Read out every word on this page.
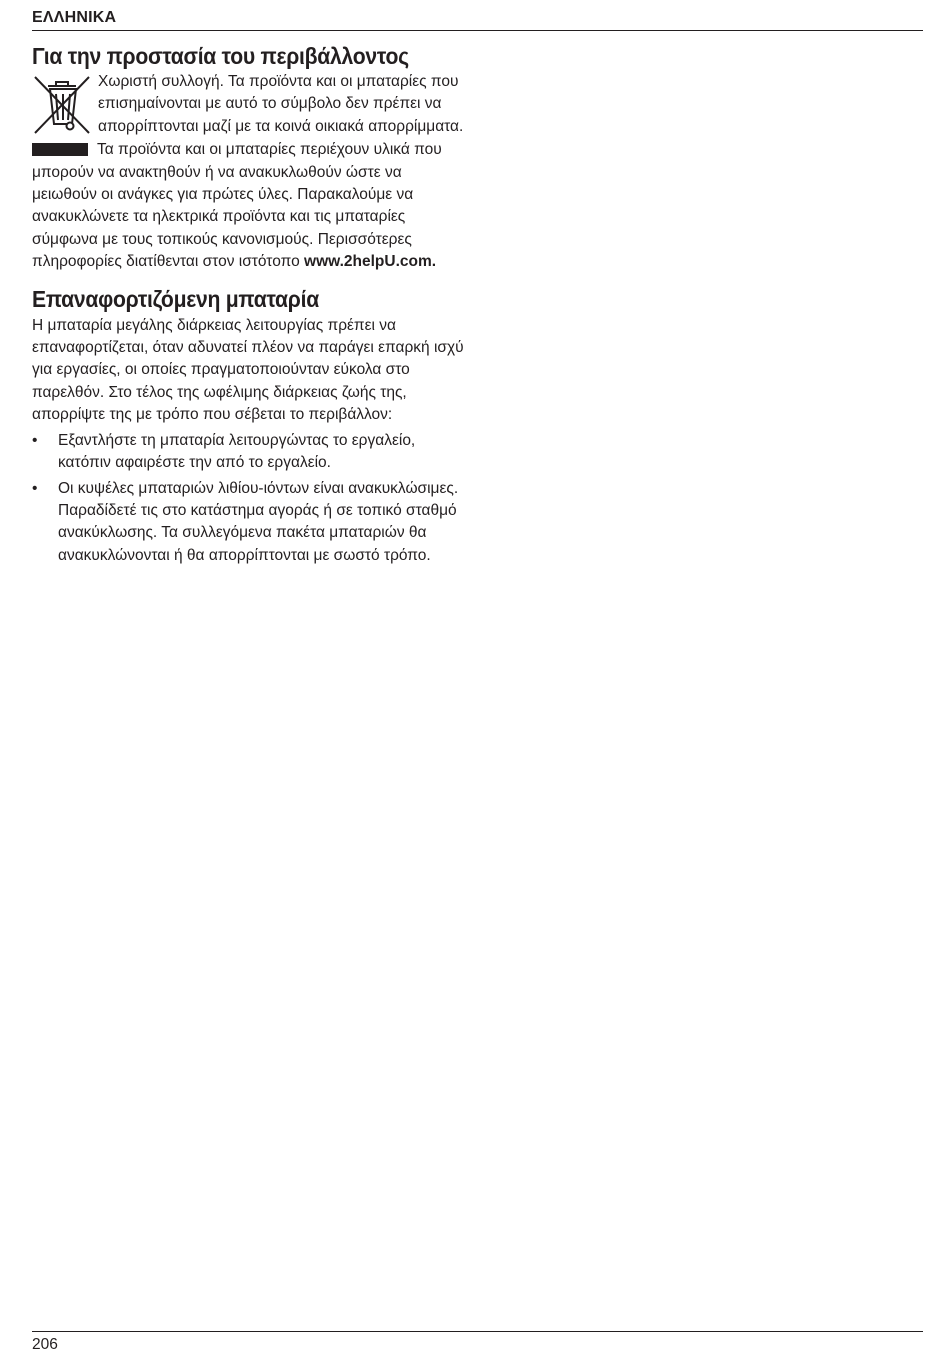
ΕΛΛΗΝΙΚΑ
Για την προστασία του περιβάλλοντος

Χωριστή συλλογή. Τα προϊόντα και οι μπαταρίες που επισημαίνονται με αυτό το σύμβολο δεν πρέπει να απορρίπτονται μαζί με τα κοινά οικιακά απορρίμματα.

Τα προϊόντα και οι μπαταρίες περιέχουν υλικά που μπορούν να ανακτηθούν ή να ανακυκλωθούν ώστε να μειωθούν οι ανάγκες για πρώτες ύλες. Παρακαλούμε να ανακυκλώνετε τα ηλεκτρικά προϊόντα και τις μπαταρίες σύμφωνα με τους τοπικούς κανονισμούς. Περισσότερες πληροφορίες διατίθενται στον ιστότοπο www.2helpU.com.

Επαναφορτιζόμενη μπαταρία

Η μπαταρία μεγάλης διάρκειας λειτουργίας πρέπει να επαναφορτίζεται, όταν αδυνατεί πλέον να παράγει επαρκή ισχύ για εργασίες, οι οποίες πραγματοποιούνταν εύκολα στο παρελθόν. Στο τέλος της ωφέλιμης διάρκειας ζωής της, απορρίψτε της με τρόπο που σέβεται το περιβάλλον:

• Εξαντλήστε τη μπαταρία λειτουργώντας το εργαλείο, κατόπιν αφαιρέστε την από το εργαλείο.
• Οι κυψέλες μπαταριών λιθίου-ιόντων είναι ανακυκλώσιμες. Παραδίδετέ τις στο κατάστημα αγοράς ή σε τοπικό σταθμό ανακύκλωσης. Τα συλλεγόμενα πακέτα μπαταριών θα ανακυκλώνονται ή θα απορρίπτονται με σωστό τρόπο.
206
